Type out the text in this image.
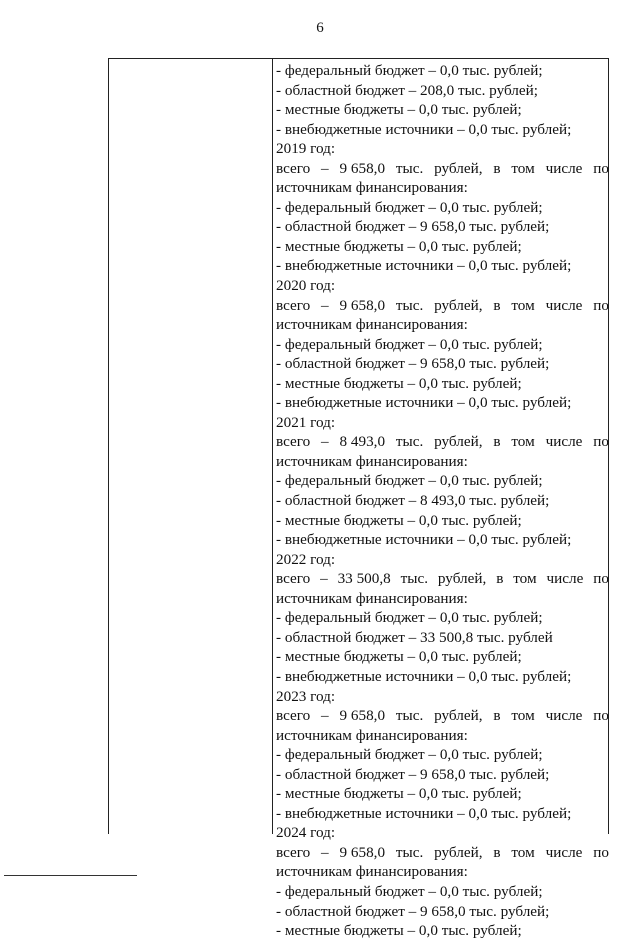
6
- федеральный бюджет – 0,0 тыс. рублей;
- областной бюджет – 208,0 тыс. рублей;
- местные бюджеты – 0,0 тыс. рублей;
- внебюджетные источники – 0,0 тыс. рублей;
2019 год:
всего – 9 658,0 тыс. рублей, в том числе по
источникам финансирования:
- федеральный бюджет – 0,0 тыс. рублей;
- областной бюджет – 9 658,0 тыс. рублей;
- местные бюджеты – 0,0 тыс. рублей;
- внебюджетные источники – 0,0 тыс. рублей;
2020 год:
всего – 9 658,0 тыс. рублей, в том числе по
источникам финансирования:
- федеральный бюджет – 0,0 тыс. рублей;
- областной бюджет – 9 658,0 тыс. рублей;
- местные бюджеты – 0,0 тыс. рублей;
- внебюджетные источники – 0,0 тыс. рублей;
2021 год:
всего – 8 493,0 тыс. рублей, в том числе по
источникам финансирования:
- федеральный бюджет – 0,0 тыс. рублей;
- областной бюджет – 8 493,0 тыс. рублей;
- местные бюджеты – 0,0 тыс. рублей;
- внебюджетные источники – 0,0 тыс. рублей;
2022 год:
всего – 33 500,8 тыс. рублей, в том числе по
источникам финансирования:
- федеральный бюджет – 0,0 тыс. рублей;
- областной бюджет – 33 500,8 тыс. рублей
- местные бюджеты – 0,0 тыс. рублей;
- внебюджетные источники – 0,0 тыс. рублей;
2023 год:
всего – 9 658,0 тыс. рублей, в том числе по
источникам финансирования:
- федеральный бюджет – 0,0 тыс. рублей;
- областной бюджет – 9 658,0 тыс. рублей;
- местные бюджеты – 0,0 тыс. рублей;
- внебюджетные источники – 0,0 тыс. рублей;
2024 год:
всего – 9 658,0 тыс. рублей, в том числе по
источникам финансирования:
- федеральный бюджет – 0,0 тыс. рублей;
- областной бюджет – 9 658,0 тыс. рублей;
- местные бюджеты – 0,0 тыс. рублей;
